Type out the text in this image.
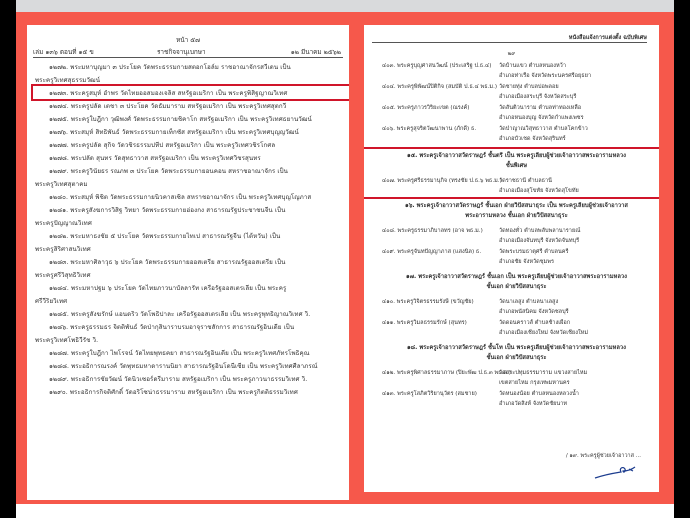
หน้า ๕๗
เล่ม ๑๓๖ ตอนที่ ๑๕ ข	ราชกิจจานุเบกษา	๑๒ มีนาคม ๒๕๖๒
๑๒๗๒. พระมหาบุญมา ๓ ประโยค วัดพระธรรมกายสตอกโฮล์ม ราชอาณาจักรสวีเดน เป็น
พระครูวิเทศสุธรรมวัฒน์
๑๒๗๓. พระครูสมุห์ อำพร วัดไทยออสมองเจลิส สหรัฐอเมริกา เป็น พระครูพิสิฐญาณวิเทศ
๑๒๗๔. พระครูปลัด เตชา ๓ ประโยค วัดธัมมาราม สหรัฐอเมริกา เป็น พระครูวิเทศสุตกวี
๑๒๗๕. พระครูใบฎีกา วุฒิพงศ์ วัดพระธรรมกายชิคาโก สหรัฐอเมริกา เป็น พระครูวิเทศธยานวัฒน์
๑๒๗๖. พระสมุห์ สิทธิพันธ์ วัดพระธรรมกายเท็กซัส สหรัฐอเมริกา เป็น พระครูวิเทศบุญญวัฒน์
๑๒๗๗. พระครูปลัด สุกิจ วัดวชิรธรรมปทีป สหรัฐอเมริกา เป็น พระครูวิเทศวชิรโกศล
๑๒๗๘. พระปลัด สุนทร วัดสุทธาวาส สหรัฐอเมริกา เป็น พระครูวิเทศวิชรสุนทร
๑๒๗๙. พระครูวินัยธร รณภพ ๓ ประโยค วัดพระธรรมกายอนคอน สหราชอาณาจักร เป็น
พระครูวิเทศสุตาคม
๑๒๘๐. พระสมุห์ พิชิต วัดพระธรรมกายนิวคาสเซิล สหราชอาณาจักร เป็น พระครูวิเทศบุญโญภาส
๑๒๘๑. พระครูสังฆการวิสิฐ วิทยา วัดพระธรรมกายฮ่องกง สาธารณรัฐประชาชนจีน เป็น
พระครูปัญญาณวิเทศ
๑๒๘๒. พระมหาธงชัย ๕ ประโยค วัดพระธรรมกายไทเป สาธารณรัฐจีน (ไต้หวัน) เป็น
พระครูสิริศาสนวิเทศ
๑๒๘๓. พระมหาศิลาวุธ ๖ ประโยค วัดพระธรรมกายออสเตรีย สาธารณรัฐออสเตรีย เป็น
พระครูศรีวิสุทธิวิเทศ
๑๒๘๔. พระมหาปฐม ๖ ประโยค วัดไทยภาวนาบัลลารัท เครือรัฐออสเตรเลีย เป็น พระครู
ศรีวีริยวิเทศ
๑๒๘๕. พระครูสังฆรักษ์ แอนดริว วัดโพธิปาละ เครือรัฐออสเตรเลีย เป็น พระครูพุทธิญาณวิเทศ วิ.
๑๒๘๖. พระครูธรรมธร จิตติพันธ์ วัดป่ากุสินาราบรมอาจุราชสักการ สาธารณรัฐอินเดีย เป็น
พระครูวิเทศโพธิวีรัช วิ.
๑๒๘๗. พระครูใบฎีกา ไพโรจน์ วัดไทยพุทธคยา สาธารณรัฐอินเดีย เป็น พระครูวิเทศภัทรโพธิคุณ
๑๒๘๘. พระอธิการณรงค์ วัดพุทธมหาดารานนิยา สาธารณรัฐอินโดนีเซีย เป็น พระครูวิเทศศีลาภรณ์
๑๒๘๙. พระอธิการชัยวัฒน์ วัดนิวเซอร์ดรีมาราม สหรัฐอเมริกา เป็น พระครูภาวนาธรรมวิเทศ วิ.
๑๒๙๐. พระอธิการกิจติศักดิ์ วัดอริโซน่าธรรมาราม สหรัฐอเมริกา เป็น พระครูกิตติธรรมวิเทศ
หนังสือแจ้งการแต่งตั้ง ฉบับพิเศษ
๒๙
/ ๑๙. พระครูผู้ช่วยเจ้าอาวาส ...
๔๐๓. พระครูบุญศาสนวัฒน์ (ประเสริฐ ป.ธ.๔) วัดบ้านแขว ตำบลหนองหว้า
อำเภอท่าเรือ จังหวัดพระนครศรีอยุธยา
๔๐๔. พระครูพิพัฒน์ปิติกิจ (สมบัติ ป.ธ.๔ พธ.ม.) วัดชายทุ่ง ตำบลบ่อพลอย
อำเภอเมืองสระบุรี จังหวัดสระบุรี
๔๐๕. พระครูภาวรวิริยะเขต (ณรงค์)	วัดสันติวนาราม ตำบลท่าทองเหลือ
อำเภอหนองบุญ จังหวัดกำแพงเพชร
๔๐๖. พระครูสุจริตวัฒนาพาน (ภักดี) ธ.	วัดป่าญาณวิสุทธาวาส ตำบลโคกข้าว
อำเภอบัวเชด จังหวัดสุรินทร์
๑๕. พระครูเจ้าอาวาสวัดราษฎร์ ชั้นตรี เป็น พระครูเลียบผู้ช่วยเจ้าอาวาสพระอารามหลวง
ชั้นพิเศษ
๔๐๗. พระครูศรีธรรมานุกิจ (ทรงชัย ป.ธ.๖ พธ.ม.)
วัดราชธานี ตำบลธานี
อำเภอเมืองสุโขทัย จังหวัดสุโขทัย
๑๖. พระครูเจ้าอาวาสวัดราษฎร์ ชั้นเอก ฝ่ายวิปัสสนาธุระ เป็น พระครูเลียบผู้ช่วยเจ้าอาวาส
พระอารามหลวง ชั้นเอก ฝ่ายวิปัสสนาธุระ
๔๐๘. พระครูธรรมาภิบาลทร (อาจ พธ.ม.)	วัดทองทั่ว ตำบลพลับพลานารายณ์
อำเภอเมืองจันทบุรี จังหวัดจันทบุรี
๔๐๙. พระครูจันทปัญญาภาส (แสงนิล) ธ.	วัดพระบรมธาตุศรี ตำบลนครี
อำเภอชัย จังหวัดชุมพร
๑๗. พระครูเจ้าอาวาสวัดราษฎร์ ชั้นเอก เป็น พระครูเลียบผู้ช่วยเจ้าอาวาสพระอารามหลวง
ชั้นเอก ฝ่ายวิปัสสนาธุระ
๔๑๐. พระครูวิจิตรธรรมรังษี (ขวัญชัย)	วัดนาเลสูง ตำบลนาเลสูง
อำเภอพนัสนิคม จังหวัดชลบุรี
๔๑๑. พระครูวิมลธรรมรักษ์ (สุนทร)	วัดดอนคราวส์ ตำบลช้างเผือก
อำเภอเมืองเชียงใหม่ จังหวัดเชียงใหม่
๑๘. พระครูเจ้าอาวาสวัดราษฎร์ ชั้นโท เป็น พระครูเลียบผู้ช่วยเจ้าอาวาสพระอารามหลวง
ชั้นเอก ฝ่ายวิปัสสนาธุระ
๔๑๒. พระครูพิศาลธรรมาภาษ (ปิยะพัฒ ป.ธ.๓ พธ.ด.)
วัดสระปทุมธรรมาราม แขวงสายไหม
เขตสายไหม กรุงเทพมหานคร
๔๑๓. พระครูโสภิตวิริยานุวัตร (สมชาย)	วัดหนองน้อย ตำบลหนองหลวงน้ำ
อำเภอวัดสิงห์ จังหวัดชัยนาท
